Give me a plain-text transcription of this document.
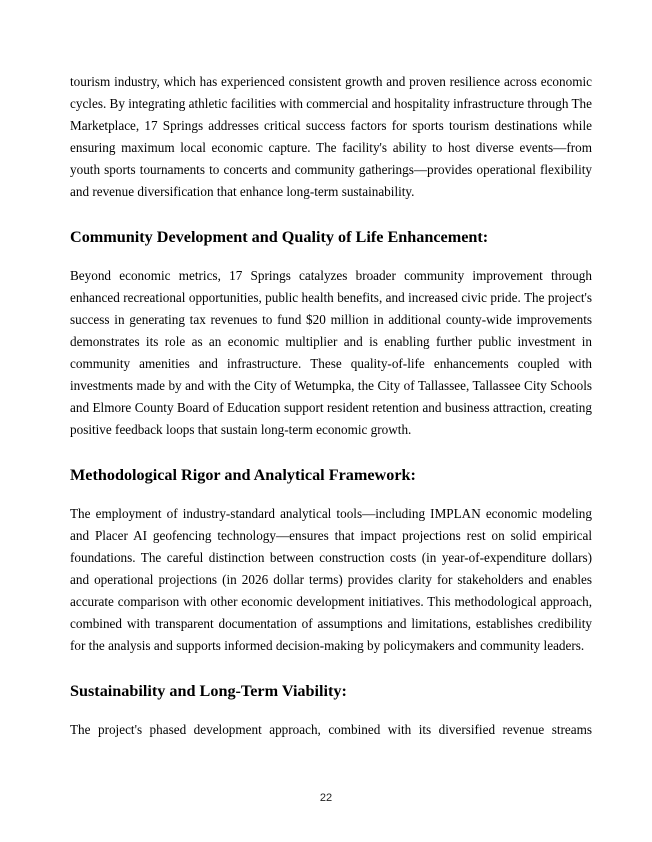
tourism industry, which has experienced consistent growth and proven resilience across economic cycles. By integrating athletic facilities with commercial and hospitality infrastructure through The Marketplace, 17 Springs addresses critical success factors for sports tourism destinations while ensuring maximum local economic capture. The facility's ability to host diverse events—from youth sports tournaments to concerts and community gatherings—provides operational flexibility and revenue diversification that enhance long-term sustainability.

Community Development and Quality of Life Enhancement:

Beyond economic metrics, 17 Springs catalyzes broader community improvement through enhanced recreational opportunities, public health benefits, and increased civic pride. The project's success in generating tax revenues to fund $20 million in additional county-wide improvements demonstrates its role as an economic multiplier and is enabling further public investment in community amenities and infrastructure. These quality-of-life enhancements coupled with investments made by and with the City of Wetumpka, the City of Tallassee, Tallassee City Schools and Elmore County Board of Education support resident retention and business attraction, creating positive feedback loops that sustain long-term economic growth.

Methodological Rigor and Analytical Framework:

The employment of industry-standard analytical tools—including IMPLAN economic modeling and Placer AI geofencing technology—ensures that impact projections rest on solid empirical foundations. The careful distinction between construction costs (in year-of-expenditure dollars) and operational projections (in 2026 dollar terms) provides clarity for stakeholders and enables accurate comparison with other economic development initiatives. This methodological approach, combined with transparent documentation of assumptions and limitations, establishes credibility for the analysis and supports informed decision-making by policymakers and community leaders.

Sustainability and Long-Term Viability:

The project's phased development approach, combined with its diversified revenue streams

22
